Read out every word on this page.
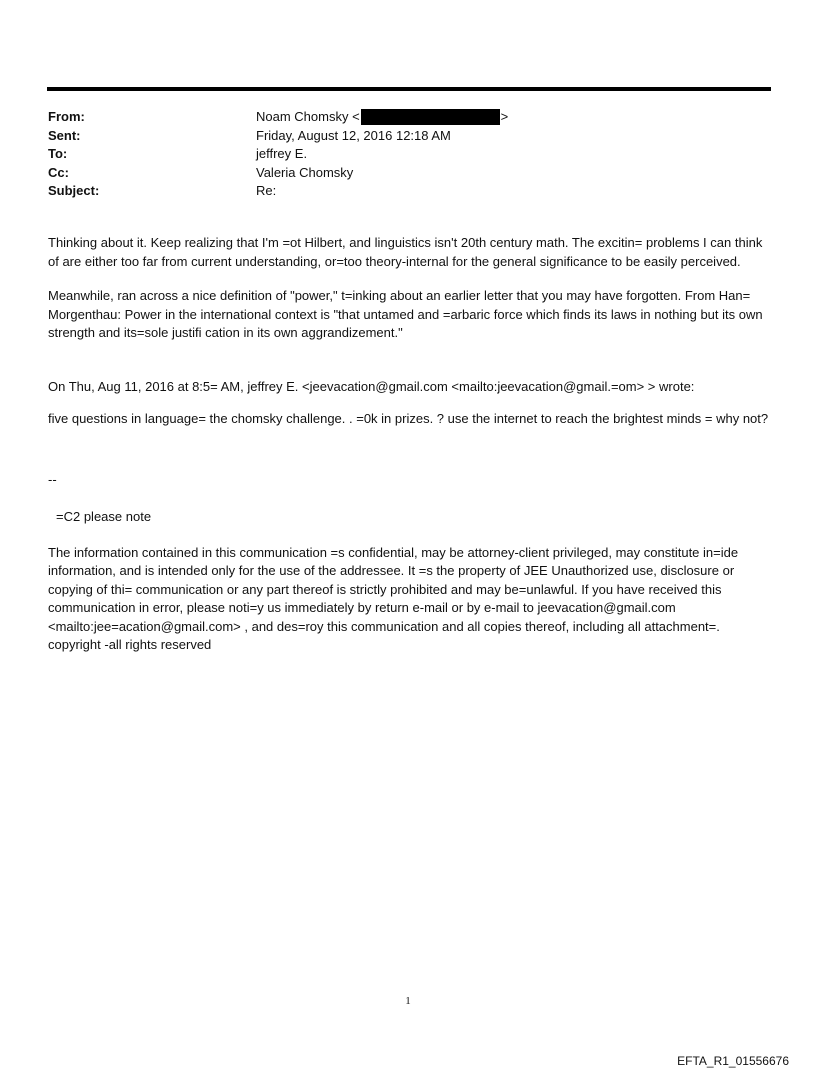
From:	Noam Chomsky <	>
Sent:	Friday, August 12, 2016 12:18 AM
To:	jeffrey E.
Cc:	Valeria Chomsky
Subject:	Re:

Thinking about it. Keep realizing that I'm =ot Hilbert, and linguistics isn't 20th century math. The excitin= problems I can think of are either too far from current understanding, or=too theory-internal for the general significance to be easily perceived.

Meanwhile, ran across a nice definition of "power," t=inking about an earlier letter that you may have forgotten. From Han= Morgenthau: Power in the international context is "that untamed and =arbaric force which finds its laws in nothing but its own strength and its=sole justifi cation in its own aggrandizement."

On Thu, Aug 11, 2016 at 8:5= AM, jeffrey E. <jeevacation@gmail.com <mailto:jeevacation@gmail.=om> > wrote:

five questions in language= the chomsky challenge. . =0k in prizes. ? use the internet to reach the brightest minds = why not?

--

=C2 please note

The information contained in this communication =s confidential, may be attorney-client privileged, may constitute in=ide information, and is intended only for the use of the addressee. It =s the property of JEE Unauthorized use, disclosure or copying of thi= communication or any part thereof is strictly prohibited and may be=unlawful. If you have received this communication in error, please noti=y us immediately by return e-mail or by e-mail to jeevacation@gmail.com <mailto:jee=acation@gmail.com> , and des=roy this communication and all copies thereof, including all attachment=. copyright -all rights reserved

1
EFTA_R1_01556676
